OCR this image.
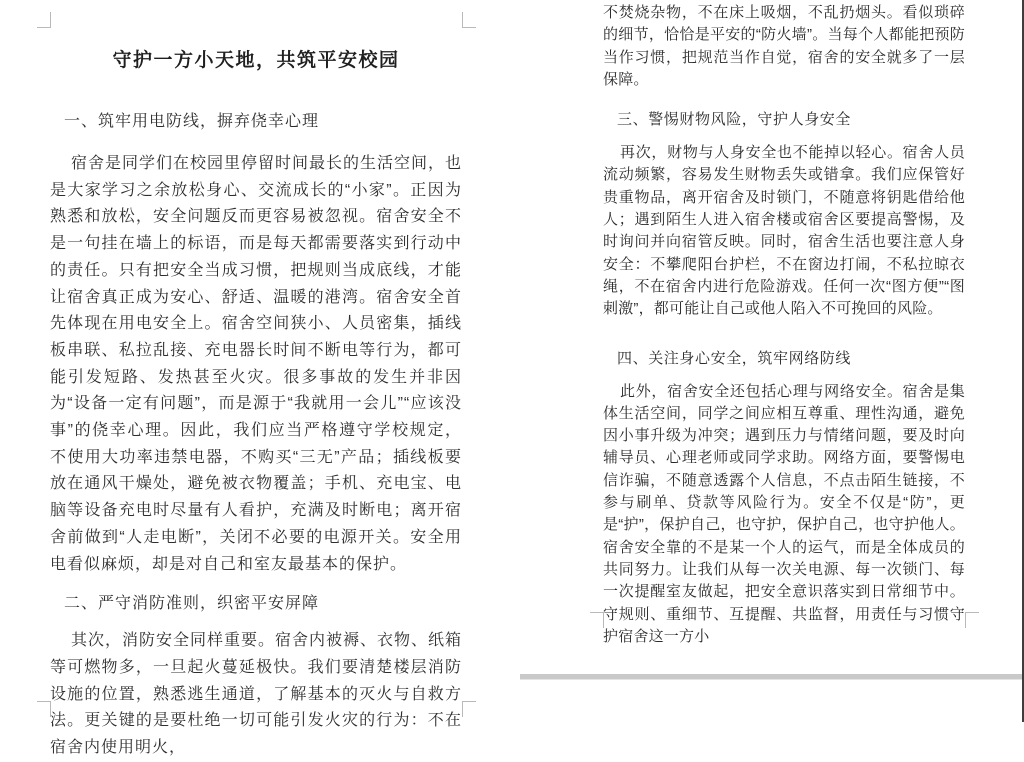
守护一方小天地，共筑平安校园
一、筑牢用电防线，摒弃侥幸心理
宿舍是同学们在校园里停留时间最长的生活空间，也是大家学习之余放松身心、交流成长的“小家”。正因为熟悉和放松，安全问题反而更容易被忽视。宿舍安全不是一句挂在墙上的标语，而是每天都需要落实到行动中的责任。只有把安全当成习惯，把规则当成底线，才能让宿舍真正成为安心、舒适、温暖的港湾。宿舍安全首先体现在用电安全上。宿舍空间狭小、人员密集，插线板串联、私拉乱接、充电器长时间不断电等行为，都可能引发短路、发热甚至火灾。很多事故的发生并非因为“设备一定有问题”，而是源于“我就用一会儿”“应该没事”的侥幸心理。因此，我们应当严格遵守学校规定，不使用大功率违禁电器，不购买“三无”产品；插线板要放在通风干燥处，避免被衣物覆盖；手机、充电宝、电脑等设备充电时尽量有人看护，充满及时断电；离开宿舍前做到“人走电断”，关闭不必要的电源开关。安全用电看似麻烦，却是对自己和室友最基本的保护。
二、严守消防准则，织密平安屏障
其次，消防安全同样重要。宿舍内被褥、衣物、纸箱等可燃物多，一旦起火蔓延极快。我们要清楚楼层消防设施的位置，熟悉逃生通道，了解基本的灭火与自救方法。更关键的是要杜绝一切可能引发火灾的行为：不在宿舍内使用明火，
不焚烧杂物，不在床上吸烟，不乱扔烟头。看似琐碎的细节，恰恰是平安的“防火墙”。当每个人都能把预防当作习惯，把规范当作自觉，宿舍的安全就多了一层保障。
三、警惕财物风险，守护人身安全
再次，财物与人身安全也不能掉以轻心。宿舍人员流动频繁，容易发生财物丢失或错拿。我们应保管好贵重物品，离开宿舍及时锁门，不随意将钥匙借给他人；遇到陌生人进入宿舍楼或宿舍区要提高警惕，及时询问并向宿管反映。同时，宿舍生活也要注意人身安全：不攀爬阳台护栏，不在窗边打闹，不私拉晾衣绳，不在宿舍内进行危险游戏。任何一次“图方便”“图刺激”，都可能让自己或他人陷入不可挽回的风险。
四、关注身心安全，筑牢网络防线
此外，宿舍安全还包括心理与网络安全。宿舍是集体生活空间，同学之间应相互尊重、理性沟通，避免因小事升级为冲突；遇到压力与情绪问题，要及时向辅导员、心理老师或同学求助。网络方面，要警惕电信诈骗，不随意透露个人信息，不点击陌生链接，不参与刷单、贷款等风险行为。安全不仅是“防”，更是“护”，保护自己，也守护，保护自己，也守护他人。宿舍安全靠的不是某一个人的运气，而是全体成员的共同努力。让我们从每一次关电源、每一次锁门、每一次提醒室友做起，把安全意识落实到日常细节中。守规则、重细节、互提醒、共监督，用责任与习惯守护宿舍这一方小
